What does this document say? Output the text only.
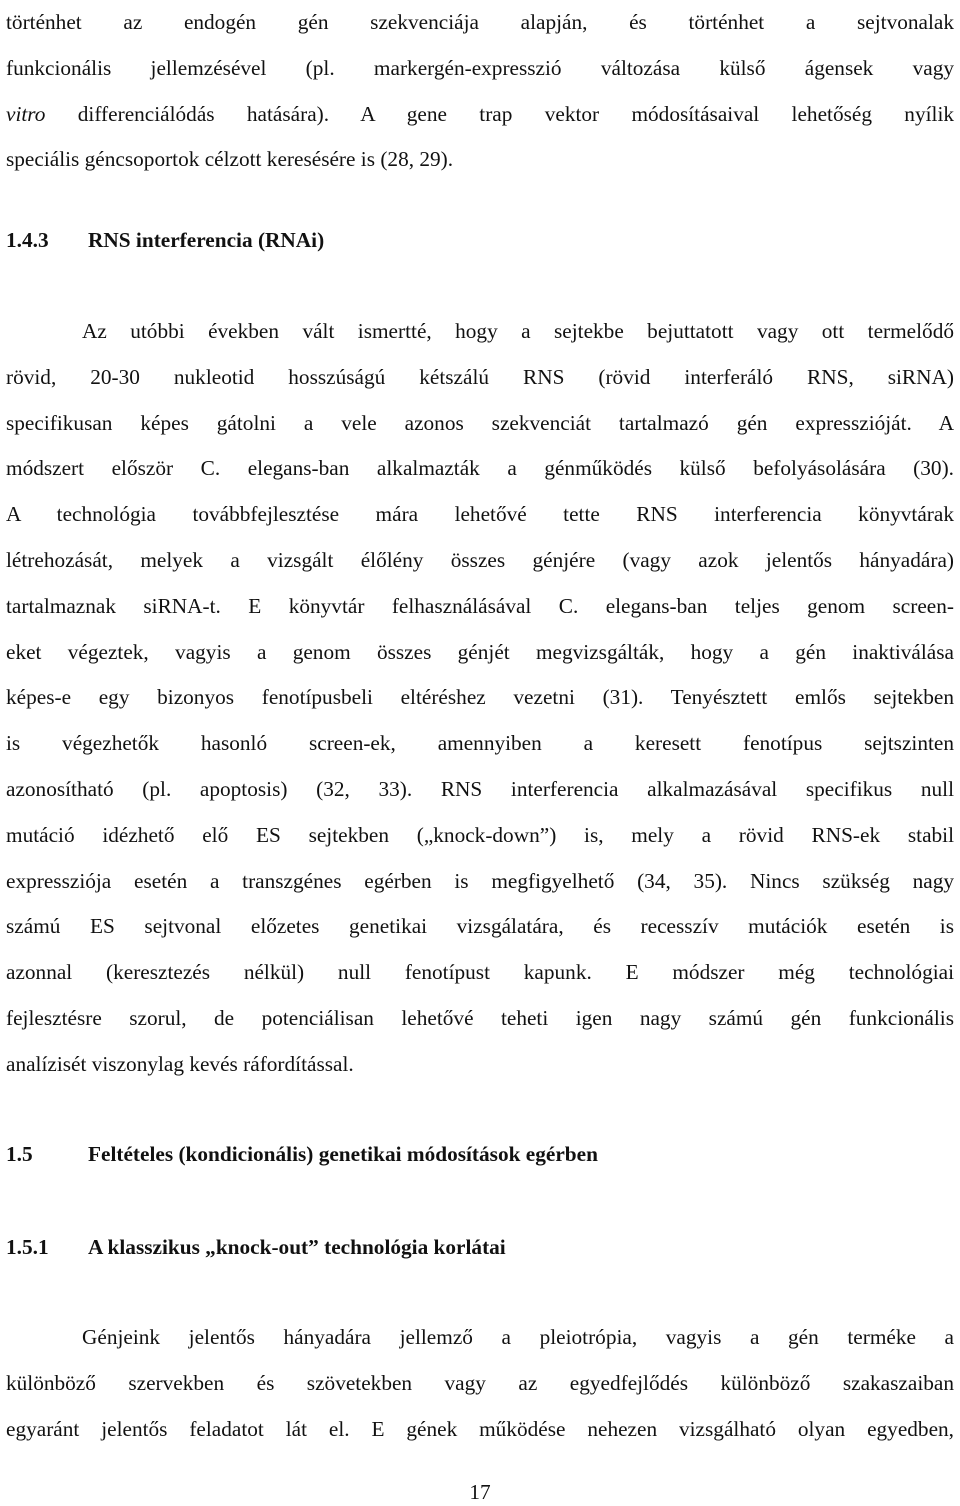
történhet az endogén gén szekvenciája alapján, és történhet a sejtvonalak
funkcionális jellemzésével (pl. markergén-expresszió változása külső ágensek vagy
vitro differenciálódás hatására). A gene trap vektor módosításaival lehetőség nyílik
speciális géncsoportok célzott keresésére is (28, 29).
1.4.3 RNS interferencia (RNAi)
Az utóbbi években vált ismertté, hogy a sejtekbe bejuttatott vagy ott termelődő
rövid, 20-30 nukleotid hosszúságú kétszálú RNS (rövid interferáló RNS, siRNA)
specifikusan képes gátolni a vele azonos szekvenciát tartalmazó gén expresszióját. A
módszert először C. elegans-ban alkalmazták a génműködés külső befolyásolására (30).
A technológia továbbfejlesztése mára lehetővé tette RNS interferencia könyvtárak
létrehozását, melyek a vizsgált élőlény összes génjére (vagy azok jelentős hányadára)
tartalmaznak siRNA-t. E könyvtár felhasználásával C. elegans-ban teljes genom screen-
eket végeztek, vagyis a genom összes génjét megvizsgálták, hogy a gén inaktiválása
képes-e egy bizonyos fenotípusbeli eltéréshez vezetni (31). Tenyésztett emlős sejtekben
is végezhetők hasonló screen-ek, amennyiben a keresett fenotípus sejtszinten
azonosítható (pl. apoptosis) (32, 33). RNS interferencia alkalmazásával specifikus null
mutáció idézhető elő ES sejtekben („knock-down”) is, mely a rövid RNS-ek stabil
expressziója esetén a transzgénes egérben is megfigyelhető (34, 35). Nincs szükség nagy
számú ES sejtvonal előzetes genetikai vizsgálatára, és recesszív mutációk esetén is
azonnal (keresztezés nélkül) null fenotípust kapunk. E módszer még technológiai
fejlesztésre szorul, de potenciálisan lehetővé teheti igen nagy számú gén funkcionális
analízisét viszonylag kevés ráfordítással.
1.5	Feltételes (kondicionális) genetikai módosítások egérben
1.5.1 A klasszikus „knock-out” technológia korlátai
Génjeink jelentős hányadára jellemző a pleiotrópia, vagyis a gén terméke a
különböző szervekben és szövetekben vagy az egyedfejlődés különböző szakaszaiban
egyaránt jelentős feladatot lát el. E gének működése nehezen vizsgálható olyan egyedben,
17
